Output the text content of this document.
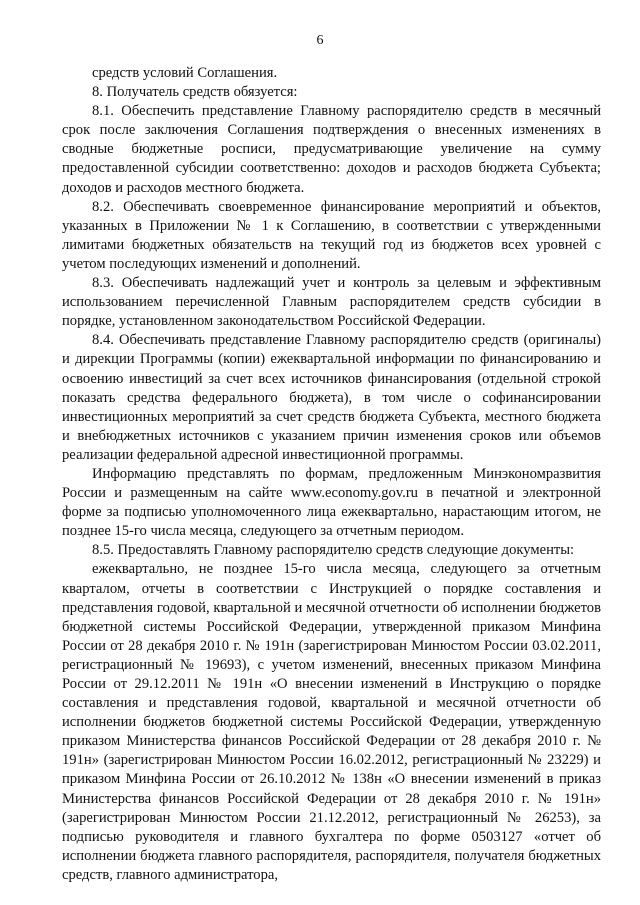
6

средств условий Соглашения.

8. Получатель средств обязуется:

8.1. Обеспечить представление Главному распорядителю средств в месячный срок после заключения Соглашения подтверждения о внесенных изменениях в сводные бюджетные росписи, предусматривающие увеличение на сумму предоставленной субсидии соответственно: доходов и расходов бюджета Субъекта; доходов и расходов местного бюджета.

8.2. Обеспечивать своевременное финансирование мероприятий и объектов, указанных в Приложении № 1 к Соглашению, в соответствии с утвержденными лимитами бюджетных обязательств на текущий год из бюджетов всех уровней с учетом последующих изменений и дополнений.

8.3. Обеспечивать надлежащий учет и контроль за целевым и эффективным использованием перечисленной Главным распорядителем средств субсидии в порядке, установленном законодательством Российской Федерации.

8.4. Обеспечивать представление Главному распорядителю средств (оригиналы) и дирекции Программы (копии) ежеквартальной информации по финансированию и освоению инвестиций за счет всех источников финансирования (отдельной строкой показать средства федерального бюджета), в том числе о софинансировании инвестиционных мероприятий за счет средств бюджета Субъекта, местного бюджета и внебюджетных источников с указанием причин изменения сроков или объемов реализации федеральной адресной инвестиционной программы.

Информацию представлять по формам, предложенным Минэкономразвития России и размещенным на сайте www.economy.gov.ru в печатной и электронной форме за подписью уполномоченного лица ежеквартально, нарастающим итогом, не позднее 15-го числа месяца, следующего за отчетным периодом.

8.5. Предоставлять Главному распорядителю средств следующие документы:

ежеквартально, не позднее 15-го числа месяца, следующего за отчетным кварталом, отчеты в соответствии с Инструкцией о порядке составления и представления годовой, квартальной и месячной отчетности об исполнении бюджетов бюджетной системы Российской Федерации, утвержденной приказом Минфина России от 28 декабря 2010 г. № 191н (зарегистрирован Минюстом России 03.02.2011, регистрационный № 19693), с учетом изменений, внесенных приказом Минфина России от 29.12.2011 № 191н «О внесении изменений в Инструкцию о порядке составления и представления годовой, квартальной и месячной отчетности об исполнении бюджетов бюджетной системы Российской Федерации, утвержденную приказом Министерства финансов Российской Федерации от 28 декабря 2010 г. № 191н» (зарегистрирован Минюстом России 16.02.2012, регистрационный № 23229) и приказом Минфина России от 26.10.2012 № 138н «О внесении изменений в приказ Министерства финансов Российской Федерации от 28 декабря 2010 г. № 191н» (зарегистрирован Минюстом России 21.12.2012, регистрационный № 26253), за подписью руководителя и главного бухгалтера по форме 0503127 «отчет об исполнении бюджета главного распорядителя, распорядителя, получателя бюджетных средств, главного администратора,
